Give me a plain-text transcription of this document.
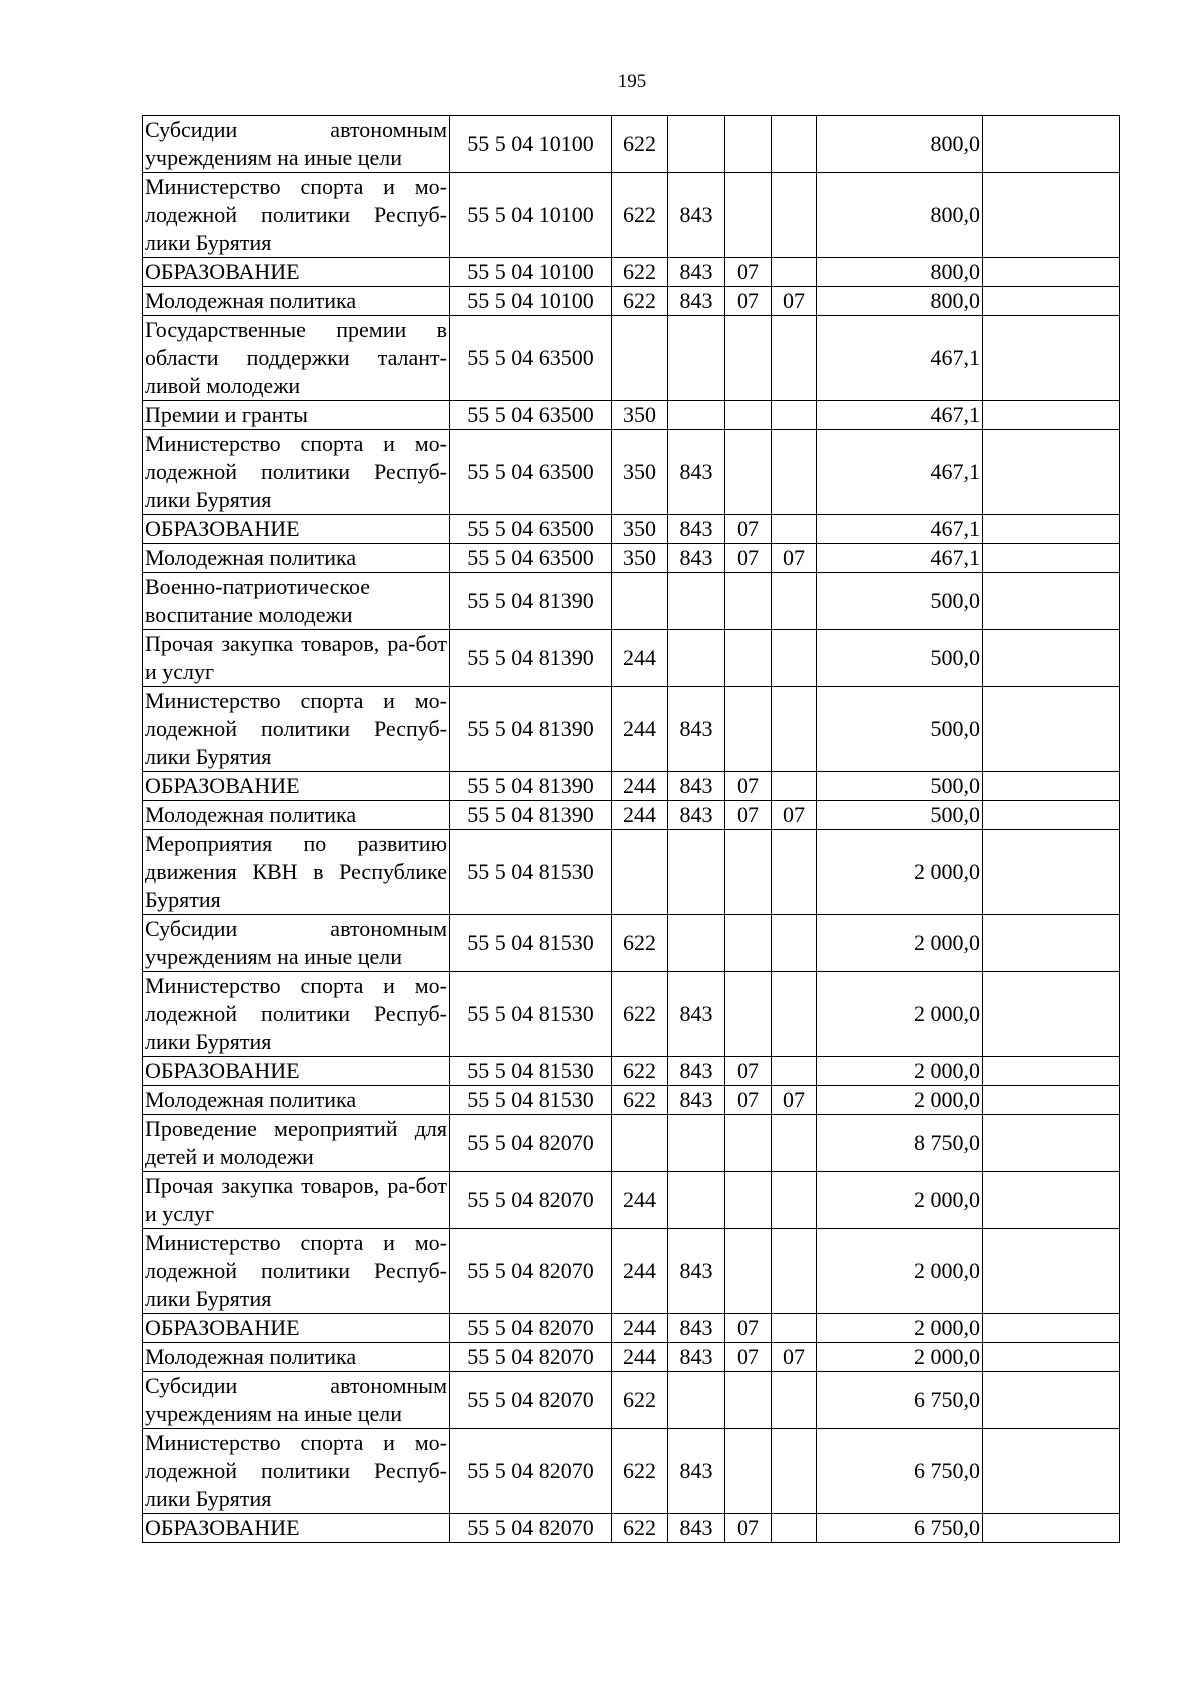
195
Субсидии автономным учреждениям на иные цели	55 5 04 10100	622				800,0	
Министерство спорта и мо-лодежной политики Респуб-лики Бурятия	55 5 04 10100	622	843			800,0	
ОБРАЗОВАНИЕ	55 5 04 10100	622	843	07		800,0	
Молодежная политика	55 5 04 10100	622	843	07	07	800,0	
Государственные премии в области поддержки талант-ливой молодежи	55 5 04 63500					467,1	
Премии и гранты	55 5 04 63500	350				467,1	
Министерство спорта и мо-лодежной политики Респуб-лики Бурятия	55 5 04 63500	350	843			467,1	
ОБРАЗОВАНИЕ	55 5 04 63500	350	843	07		467,1	
Молодежная политика	55 5 04 63500	350	843	07	07	467,1	
Военно-патриотическое воспитание молодежи	55 5 04 81390					500,0	
Прочая закупка товаров, ра-бот и услуг	55 5 04 81390	244				500,0	
Министерство спорта и мо-лодежной политики Респуб-лики Бурятия	55 5 04 81390	244	843			500,0	
ОБРАЗОВАНИЕ	55 5 04 81390	244	843	07		500,0	
Молодежная политика	55 5 04 81390	244	843	07	07	500,0	
Мероприятия по развитию движения КВН в Республике Бурятия	55 5 04 81530					2 000,0	
Субсидии автономным учреждениям на иные цели	55 5 04 81530	622				2 000,0	
Министерство спорта и мо-лодежной политики Респуб-лики Бурятия	55 5 04 81530	622	843			2 000,0	
ОБРАЗОВАНИЕ	55 5 04 81530	622	843	07		2 000,0	
Молодежная политика	55 5 04 81530	622	843	07	07	2 000,0	
Проведение мероприятий для детей и молодежи	55 5 04 82070					8 750,0	
Прочая закупка товаров, ра-бот и услуг	55 5 04 82070	244				2 000,0	
Министерство спорта и мо-лодежной политики Респуб-лики Бурятия	55 5 04 82070	244	843			2 000,0	
ОБРАЗОВАНИЕ	55 5 04 82070	244	843	07		2 000,0	
Молодежная политика	55 5 04 82070	244	843	07	07	2 000,0	
Субсидии автономным учреждениям на иные цели	55 5 04 82070	622				6 750,0	
Министерство спорта и мо-лодежной политики Респуб-лики Бурятия	55 5 04 82070	622	843			6 750,0	
ОБРАЗОВАНИЕ	55 5 04 82070	622	843	07		6 750,0	
